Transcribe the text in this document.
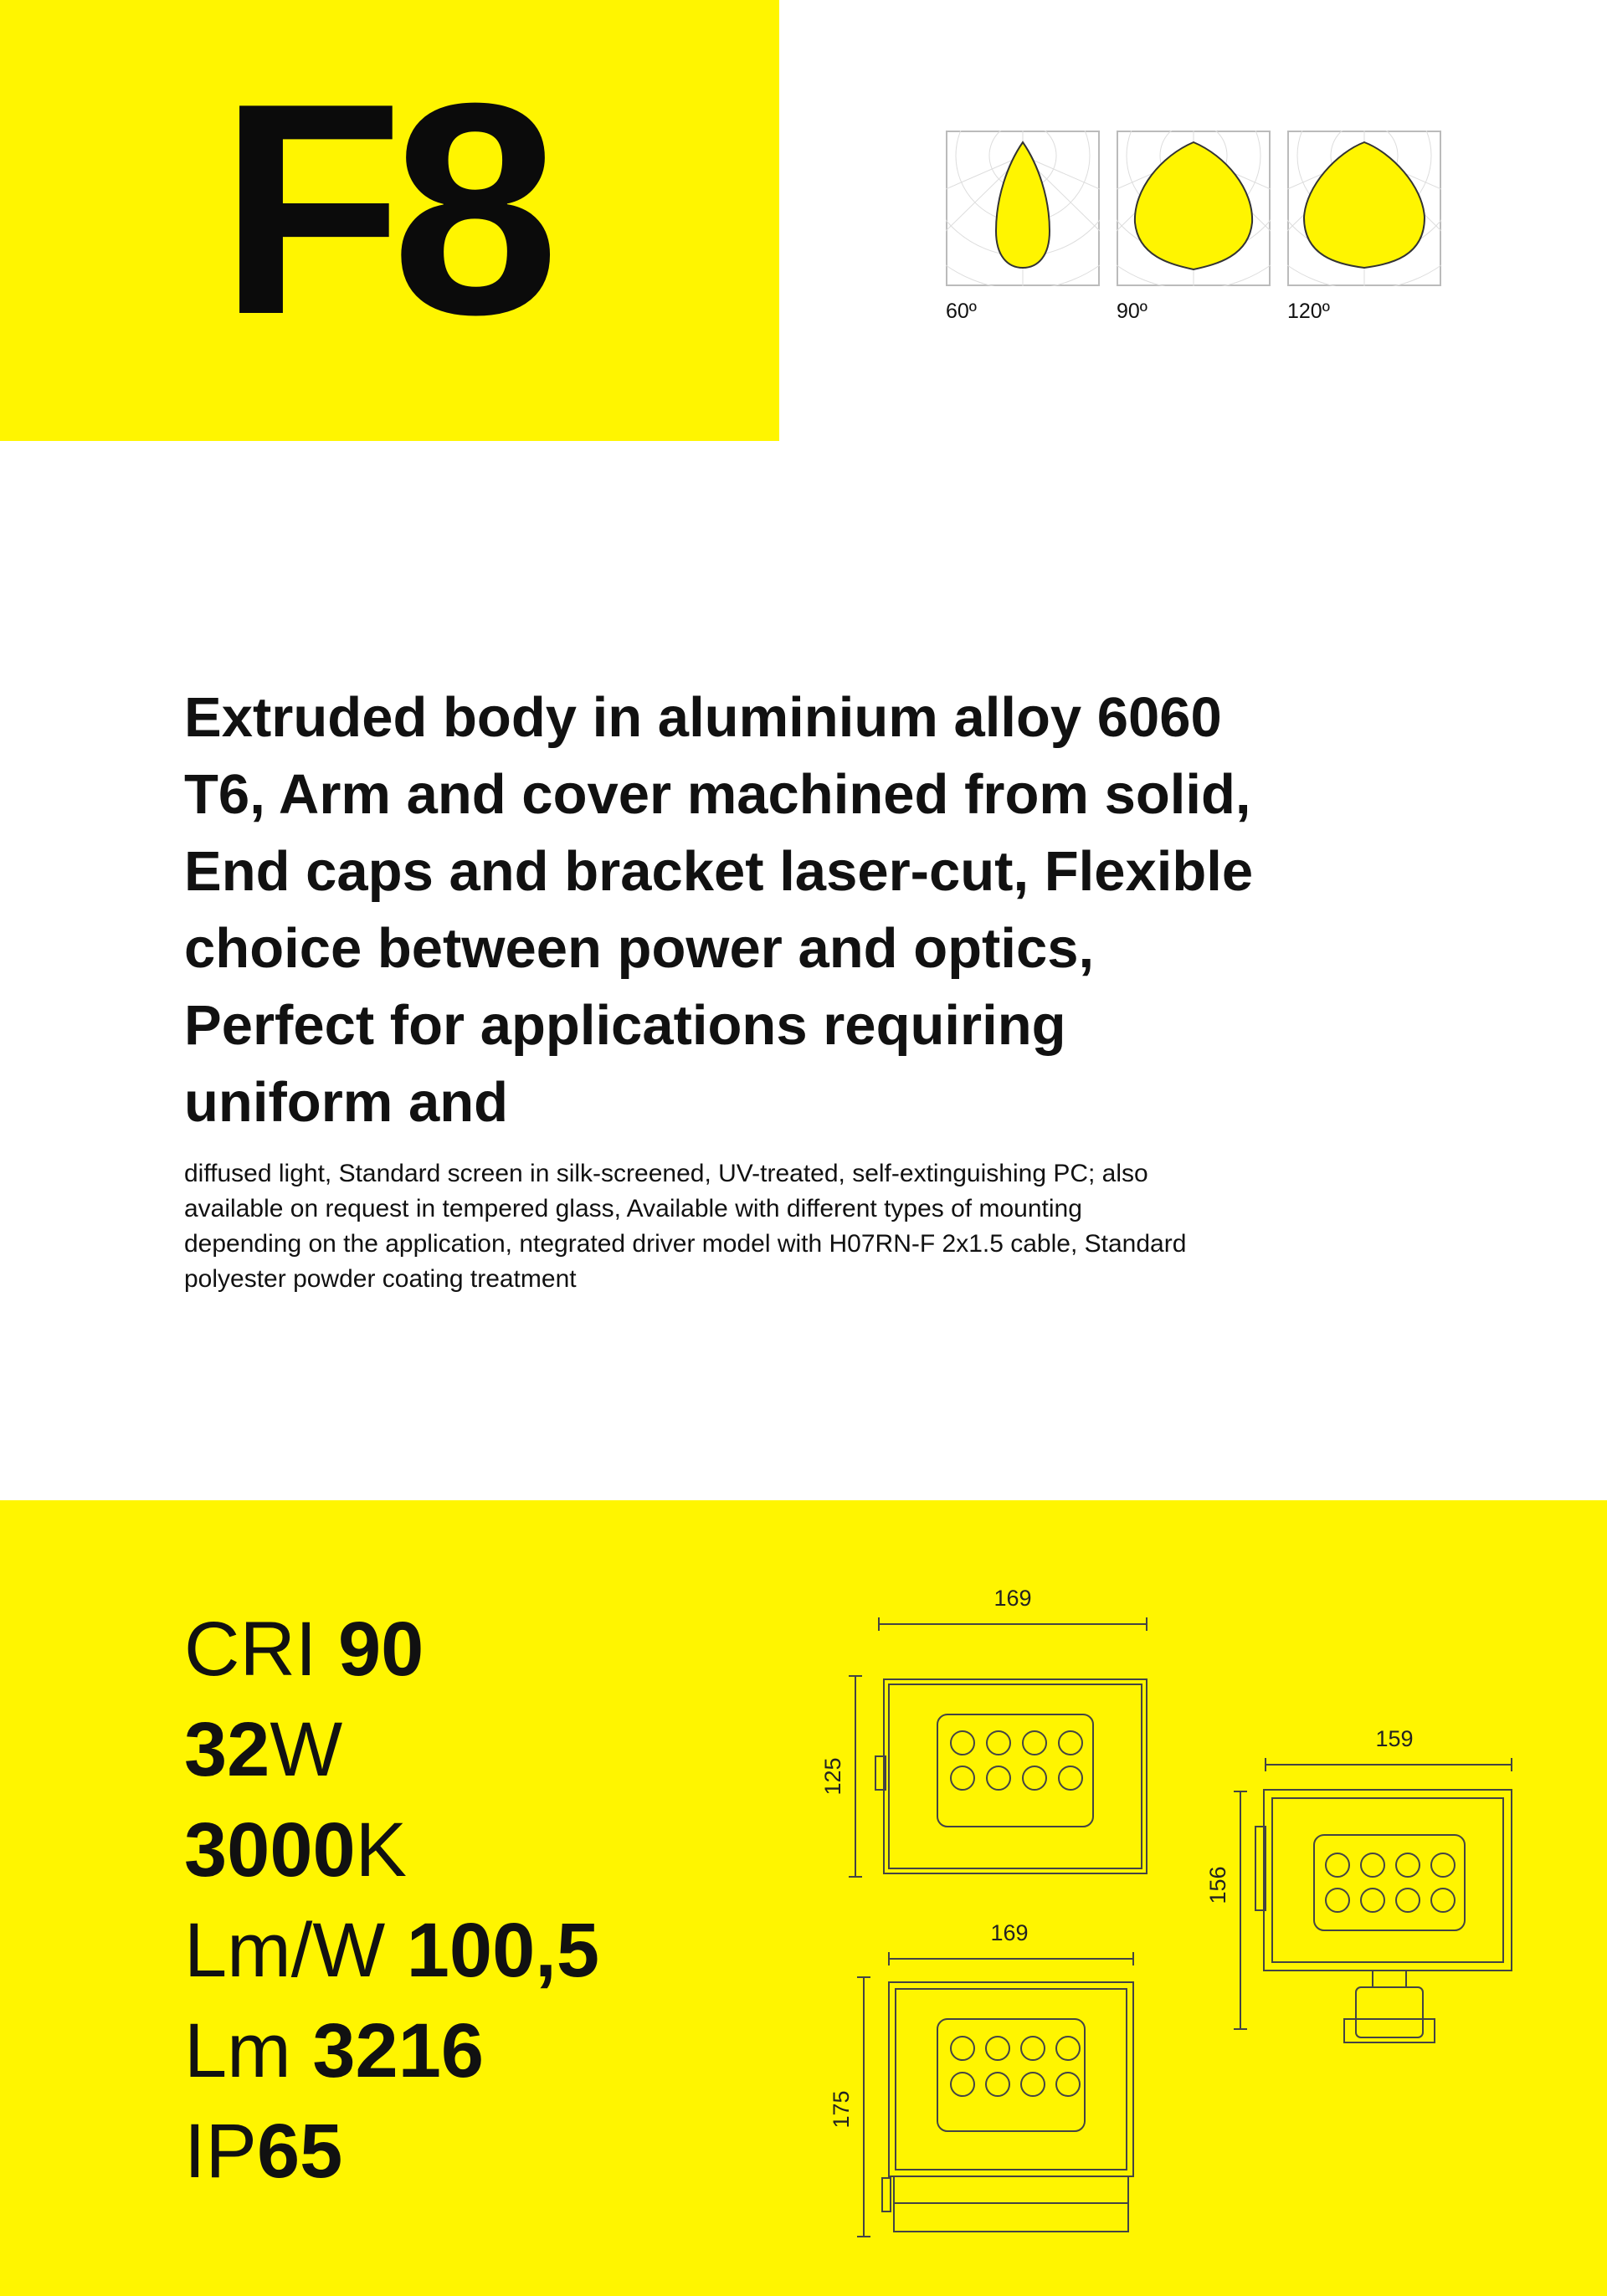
F8	60º	90º	120º

Extruded body in aluminium alloy 6060 T6, Arm and cover machined from solid, End caps and bracket laser-cut, Flexible choice between power and optics, Perfect for applications requiring uniform and

diffused light, Standard screen in silk-screened, UV-treated, self-extinguishing PC; also available on request in tempered glass, Available with different types of mounting depending on the application, ntegrated driver model with H07RN-F 2x1.5 cable, Standard polyester powder coating treatment

CRI 90
32W
3000K
Lm/W 100,5
Lm 3216
IP65
169
125
169
175
159
156
